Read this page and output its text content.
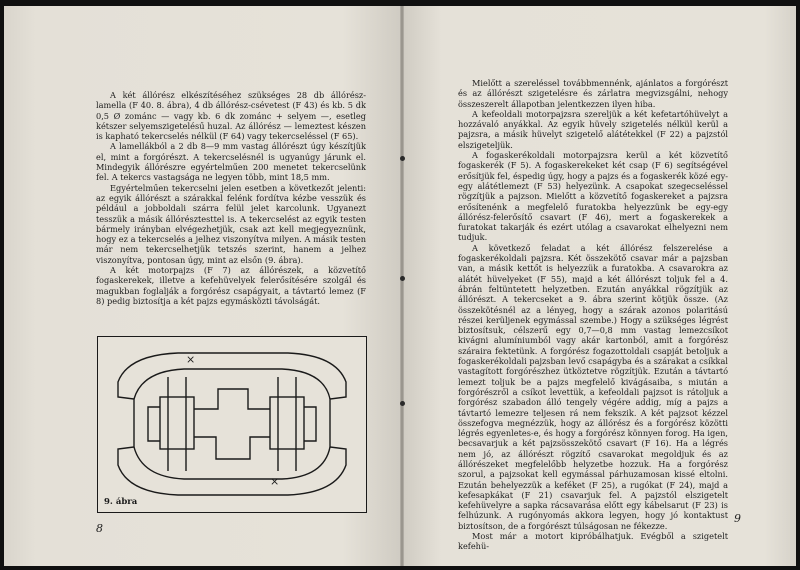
A két állórész elkészítéséhez szükséges 28 db állórész-lamella (F 40. 8. ábra), 4 db állórész-csévetest (F 43) és kb. 5 dk 0,5 Ø zománc — vagy kb. 6 dk zománc + selyem —, esetleg kétszer selyemszigetelésű huzal. Az állórész — lemeztest készen is kapható tekercselés nélkül (F 64) vagy tekercseléssel (F 65).

A lamellákból a 2 db 8—9 mm vastag állórészt úgy készítjük el, mint a forgórészt. A tekercselésnél is ugyanúgy járunk el. Mindegyik állórészre egyértelműen 200 menetet tekercselünk fel. A tekercs vastagsága ne legyen több, mint 18,5 mm.

Egyértelműen tekercselni jelen esetben a következőt jelenti: az egyik állórészt a szárakkal felénk fordítva kézbe vesszük és például a jobboldali szárra felül jelet karcolunk. Ugyanezt tesszük a másik állórésztesttel is. A tekercselést az egyik testen bármely irányban elvégezhetjük, csak azt kell megjegyeznünk, hogy ez a tekercselés a jelhez viszonyítva milyen. A másik testen már nem tekercselhetjük tetszés szerint, hanem a jelhez viszonyítva, pontosan úgy, mint az elsőn (9. ábra).

A két motorpajzs (F 7) az állórészek, a közvetítő fogaskerekek, illetve a kefehüvelyek felerősítésére szolgál és magukban foglalják a forgórész csapágyait, a távtartó lemez (F 8) pedig biztosítja a két pajzs egymásközti távolságát.

×
×
9. ábra
8

Mielőtt a szereléssel továbbmennénk, ajánlatos a forgórészt és az állórészt szigetelésre és zárlatra megvizsgálni, nehogy összeszerelt állapotban jelentkezzen ilyen hiba.

A kefeoldali motorpajzsra szereljük a két kefetartóhüvelyt a hozzávaló anyákkal. Az egyik hüvely szigetelés nélkül kerül a pajzsra, a másik hüvelyt szigetelő alátétekkel (F 22) a pajzstól elszigeteljük.

A fogaskerékoldali motorpajzsra kerül a két közvetítő fogaskerék (F 5). A fogaskerekeket két csap (F 6) segítségével erősítjük fel, éspedig úgy, hogy a pajzs és a fogaskerék közé egy-egy alátétlemezt (F 53) helyezünk. A csapokat szegecseléssel rögzítjük a pajzson. Mielőtt a közvetítő fogaskereket a pajzsra erősítenénk a megfelelő furatokba helyezzünk be egy-egy állórész-felerősítő csavart (F 46), mert a fogaskerekek a furatokat takarják és ezért utólag a csavarokat elhelyezni nem tudjuk.

A következő feladat a két állórész felszerelése a fogaskerékoldali pajzsra. Két összekötő csavar már a pajzsban van, a másik kettőt is helyezzük a furatokba. A csavarokra az alátét hüvelyeket (F 55), majd a két állórészt toljuk fel a 4. ábrán feltüntetett helyzetben. Ezután anyákkal rögzítjük az állórészt. A tekercseket a 9. ábra szerint kötjük össze. (Az összekötésnél az a lényeg, hogy a szárak azonos polaritású részei kerüljenek egymással szembe.) Hogy a szükséges légrést biztosítsuk, célszerű egy 0,7—0,8 mm vastag lemezcsíkot kivágni alumíniumból vagy akár kartonból, amit a forgórész száraira fektetünk. A forgórész fogazottoldali csapját betoljuk a fogaskerékoldali pajzsban levő csapágyba és a szárakat a csíkkal vastagított forgórészhez ütköztetve rögzítjük. Ezután a távtartó lemezt toljuk be a pajzs megfelelő kivágásaiba, s miután a forgórészről a csíkot levettük, a kefeoldali pajzsot is rátoljuk a forgórész szabadon álló tengely végére addig, míg a pajzs a távtartó lemezre teljesen rá nem fekszik. A két pajzsot kézzel összefogva megnézzük, hogy az állórész és a forgórész közötti légrés egyenletes-e, és hogy a forgórész könnyen forog. Ha igen, becsavarjuk a két pajzsösszekötő csavart (F 16). Ha a légrés nem jó, az állórészt rögzítő csavarokat megoldjuk és az állórészeket megfelelőbb helyzetbe hozzuk. Ha a forgórész szorul, a pajzsokat kell egymással párhuzamosan kissé eltolni. Ezután behelyezzük a keféket (F 25), a rugókat (F 24), majd a kefesapkákat (F 21) csavarjuk fel. A pajzstól elszigetelt kefehüvelyre a sapka rácsavarása előtt egy kábelsarut (F 23) is felhúzunk. A rugónyomás akkora legyen, hogy jó kontaktust biztosítson, de a forgórészt túlságosan ne fékezze.

Most már a motort kipróbálhatjuk. Evégből a szigetelt kefehü-

9
